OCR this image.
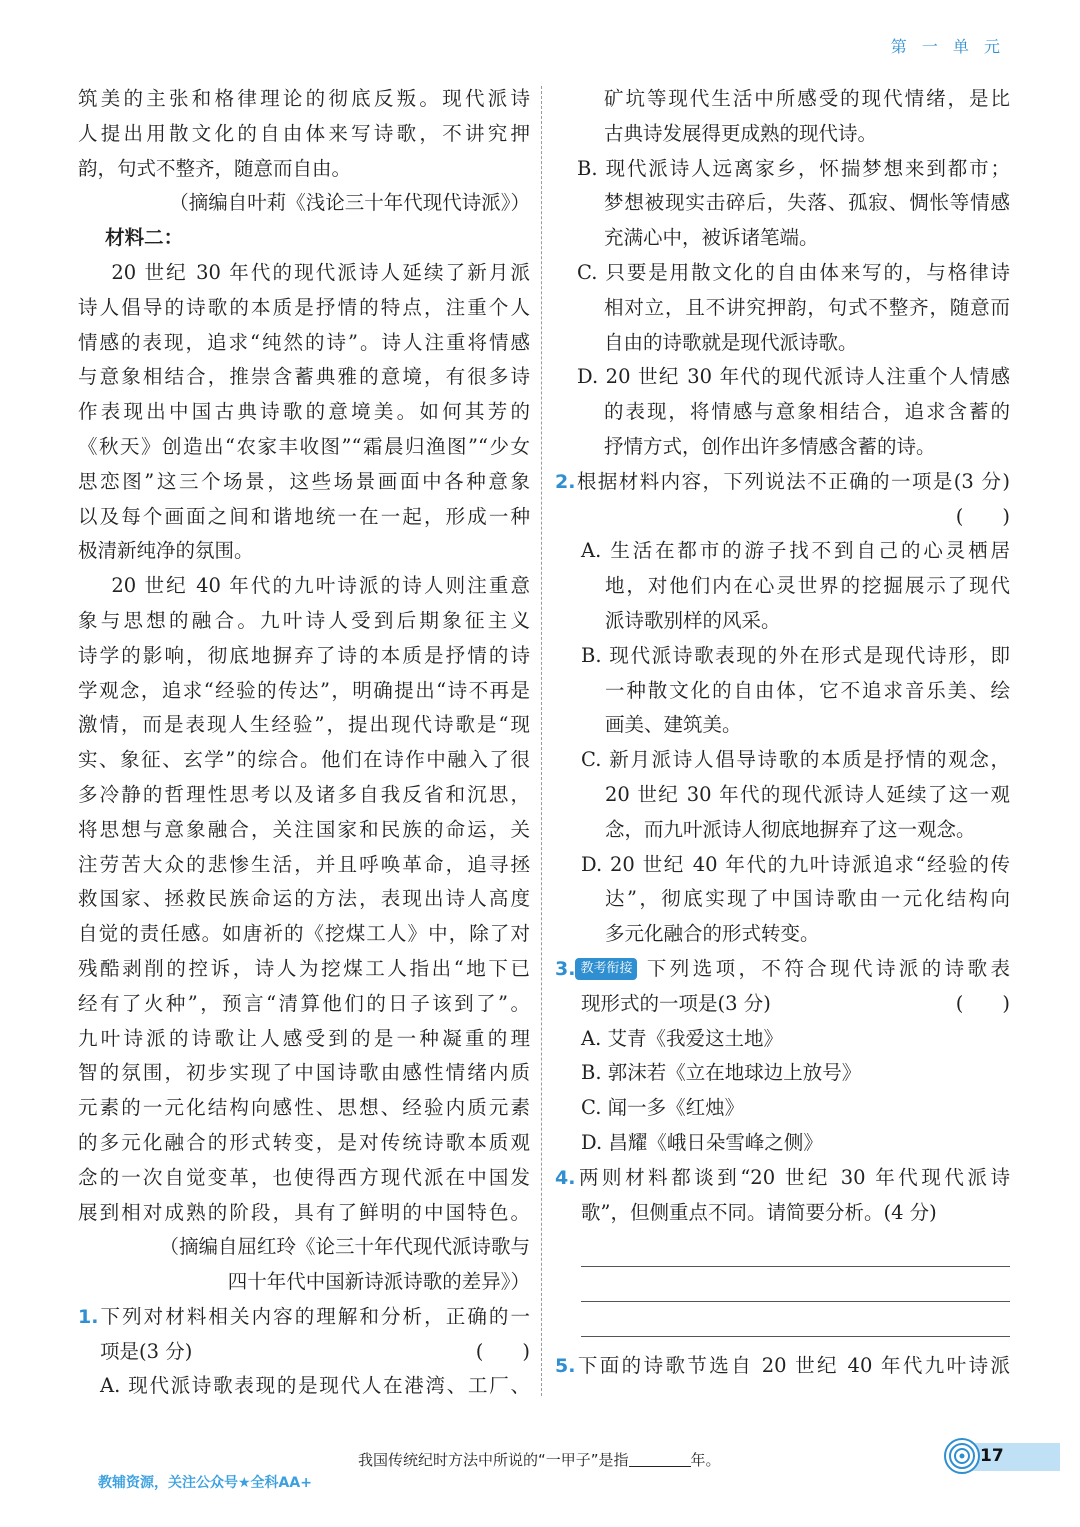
第 一 单 元
筑美的主张和格律理论的彻底反叛。现代派诗
人提出用散文化的自由体来写诗歌，不讲究押
韵，句式不整齐，随意而自由。
（摘编自叶莉《浅论三十年代现代诗派》）
材料二：
20 世纪 30 年代的现代派诗人延续了新月派
诗人倡导的诗歌的本质是抒情的特点，注重个人
情感的表现，追求“纯然的诗”。诗人注重将情感
与意象相结合，推崇含蓄典雅的意境，有很多诗
作表现出中国古典诗歌的意境美。如何其芳的
《秋天》创造出“农家丰收图”“霜晨归渔图”“少女
思恋图”这三个场景，这些场景画面中各种意象
以及每个画面之间和谐地统一在一起，形成一种
极清新纯净的氛围。
20 世纪 40 年代的九叶诗派的诗人则注重意
象与思想的融合。九叶诗人受到后期象征主义
诗学的影响，彻底地摒弃了诗的本质是抒情的诗
学观念，追求“经验的传达”，明确提出“诗不再是
激情，而是表现人生经验”，提出现代诗歌是“现
实、象征、玄学”的综合。他们在诗作中融入了很
多冷静的哲理性思考以及诸多自我反省和沉思，
将思想与意象融合，关注国家和民族的命运，关
注劳苦大众的悲惨生活，并且呼唤革命，追寻拯
救国家、拯救民族命运的方法，表现出诗人高度
自觉的责任感。如唐祈的《挖煤工人》中，除了对
残酷剥削的控诉，诗人为挖煤工人指出“地下已
经有了火种”，预言“清算他们的日子该到了”。
九叶诗派的诗歌让人感受到的是一种凝重的理
智的氛围，初步实现了中国诗歌由感性情绪内质
元素的一元化结构向感性、思想、经验内质元素
的多元化融合的形式转变，是对传统诗歌本质观
念的一次自觉变革，也使得西方现代派在中国发
展到相对成熟的阶段，具有了鲜明的中国特色。
（摘编自屈红玲《论三十年代现代派诗歌与
四十年代中国新诗派诗歌的差异》）
1.下列对材料相关内容的理解和分析，正确的一
项是(3 分)	(　　)
A. 现代派诗歌表现的是现代人在港湾、工厂、
矿坑等现代生活中所感受的现代情绪，是比
古典诗发展得更成熟的现代诗。
B. 现代派诗人远离家乡，怀揣梦想来到都市；
梦想被现实击碎后，失落、孤寂、惆怅等情感
充满心中，被诉诸笔端。
C. 只要是用散文化的自由体来写的，与格律诗
相对立，且不讲究押韵，句式不整齐，随意而
自由的诗歌就是现代派诗歌。
D. 20 世纪 30 年代的现代派诗人注重个人情感
的表现，将情感与意象相结合，追求含蓄的
抒情方式，创作出许多情感含蓄的诗。
2.根据材料内容，下列说法不正确的一项是(3 分)
(　　)
A. 生活在都市的游子找不到自己的心灵栖居
地，对他们内在心灵世界的挖掘展示了现代
派诗歌别样的风采。
B. 现代派诗歌表现的外在形式是现代诗形，即
一种散文化的自由体，它不追求音乐美、绘
画美、建筑美。
C. 新月派诗人倡导诗歌的本质是抒情的观念，
20 世纪 30 年代的现代派诗人延续了这一观
念，而九叶派诗人彻底地摒弃了这一观念。
D. 20 世纪 40 年代的九叶诗派追求“经验的传
达”，彻底实现了中国诗歌由一元化结构向
多元化融合的形式转变。
3. 教考衔接 下列选项，不符合现代诗派的诗歌表
现形式的一项是(3 分)	(　　)
A. 艾青《我爱这土地》
B. 郭沫若《立在地球边上放号》
C. 闻一多《红烛》
D. 昌耀《峨日朵雪峰之侧》
4.两则材料都谈到“20 世纪 30 年代现代派诗
歌”，但侧重点不同。请简要分析。(4 分)
5.下面的诗歌节选自 20 世纪 40 年代九叶诗派
我国传统纪时方法中所说的“一甲子”是指	年。	17
教辅资源，关注公众号★全科AA+
